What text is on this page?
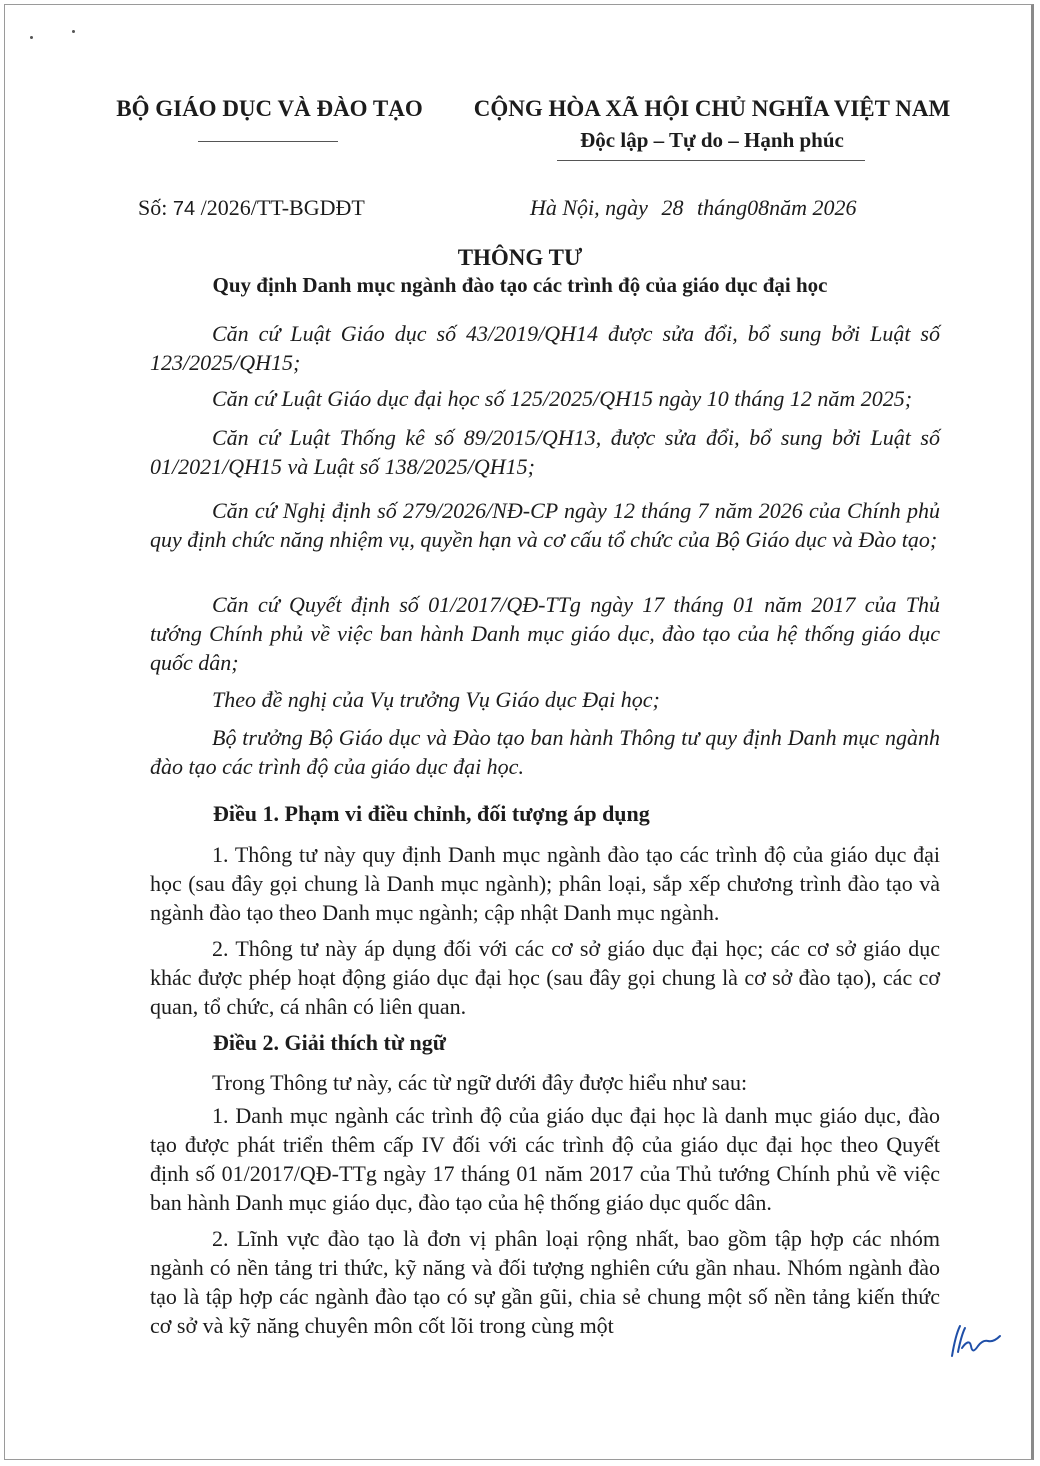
BỘ GIÁO DỤC VÀ ĐÀO TẠO	CỘNG HÒA XÃ HỘI CHỦ NGHĨA VIỆT NAM
Độc lập – Tự do – Hạnh phúc
Số: 74 /2026/TT-BGDĐT	Hà Nội, ngày 28 tháng08năm 2026
THÔNG TƯ
Quy định Danh mục ngành đào tạo các trình độ của giáo dục đại học
Căn cứ Luật Giáo dục số 43/2019/QH14 được sửa đổi, bổ sung bởi Luật số 123/2025/QH15;
Căn cứ Luật Giáo dục đại học số 125/2025/QH15 ngày 10 tháng 12 năm 2025;
Căn cứ Luật Thống kê số 89/2015/QH13, được sửa đổi, bổ sung bởi Luật số 01/2021/QH15 và Luật số 138/2025/QH15;
Căn cứ Nghị định số 279/2026/NĐ-CP ngày 12 tháng 7 năm 2026 của Chính phủ quy định chức năng nhiệm vụ, quyền hạn và cơ cấu tổ chức của Bộ Giáo dục và Đào tạo;
Căn cứ Quyết định số 01/2017/QĐ-TTg ngày 17 tháng 01 năm 2017 của Thủ tướng Chính phủ về việc ban hành Danh mục giáo dục, đào tạo của hệ thống giáo dục quốc dân;
Theo đề nghị của Vụ trưởng Vụ Giáo dục Đại học;
Bộ trưởng Bộ Giáo dục và Đào tạo ban hành Thông tư quy định Danh mục ngành đào tạo các trình độ của giáo dục đại học.
Điều 1. Phạm vi điều chỉnh, đối tượng áp dụng
1. Thông tư này quy định Danh mục ngành đào tạo các trình độ của giáo dục đại học (sau đây gọi chung là Danh mục ngành); phân loại, sắp xếp chương trình đào tạo và ngành đào tạo theo Danh mục ngành; cập nhật Danh mục ngành.
2. Thông tư này áp dụng đối với các cơ sở giáo dục đại học; các cơ sở giáo dục khác được phép hoạt động giáo dục đại học (sau đây gọi chung là cơ sở đào tạo), các cơ quan, tổ chức, cá nhân có liên quan.
Điều 2. Giải thích từ ngữ
Trong Thông tư này, các từ ngữ dưới đây được hiểu như sau:
1. Danh mục ngành các trình độ của giáo dục đại học là danh mục giáo dục, đào tạo được phát triển thêm cấp IV đối với các trình độ của giáo dục đại học theo Quyết định số 01/2017/QĐ-TTg ngày 17 tháng 01 năm 2017 của Thủ tướng Chính phủ về việc ban hành Danh mục giáo dục, đào tạo của hệ thống giáo dục quốc dân.
2. Lĩnh vực đào tạo là đơn vị phân loại rộng nhất, bao gồm tập hợp các nhóm ngành có nền tảng tri thức, kỹ năng và đối tượng nghiên cứu gần nhau. Nhóm ngành đào tạo là tập hợp các ngành đào tạo có sự gần gũi, chia sẻ chung một số nền tảng kiến thức cơ sở và kỹ năng chuyên môn cốt lõi trong cùng một
